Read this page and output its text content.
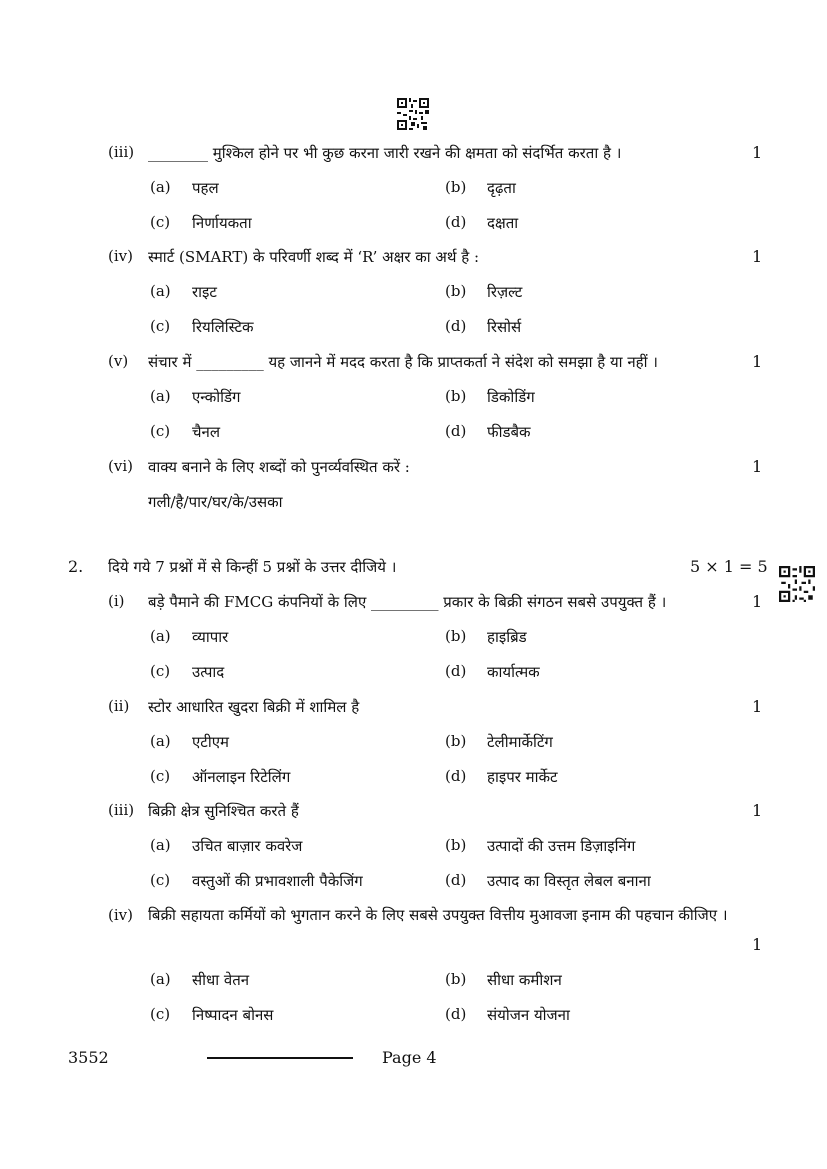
(iii) ________ मुश्किल होने पर भी कुछ करना जारी रखने की क्षमता को संदर्भित करता है ।	1
(a) पहल	(b) दृढ़ता
(c) निर्णायकता	(d) दक्षता
(iv) स्मार्ट (SMART) के परिवर्णी शब्द में ‘R’ अक्षर का अर्थ है :	1
(a) राइट	(b) रिज़ल्ट
(c) रियलिस्टिक	(d) रिसोर्स
(v) संचार में _________ यह जानने में मदद करता है कि प्राप्तकर्ता ने संदेश को समझा है या नहीं ।	1
(a) एन्कोडिंग	(b) डिकोडिंग
(c) चैनल	(d) फीडबैक
(vi) वाक्य बनाने के लिए शब्दों को पुनर्व्यवस्थित करें :	1
गली/है/पार/घर/के/उसका
2. दिये गये 7 प्रश्नों में से किन्हीं 5 प्रश्नों के उत्तर दीजिये ।	5 × 1 = 5
(i) बड़े पैमाने की FMCG कंपनियों के लिए _________ प्रकार के बिक्री संगठन सबसे उपयुक्त हैं ।	1
(a) व्यापार	(b) हाइब्रिड
(c) उत्पाद	(d) कार्यात्मक
(ii) स्टोर आधारित खुदरा बिक्री में शामिल है	1
(a) एटीएम	(b) टेलीमार्केटिंग
(c) ऑनलाइन रिटेलिंग	(d) हाइपर मार्केट
(iii) बिक्री क्षेत्र सुनिश्चित करते हैं	1
(a) उचित बाज़ार कवरेज	(b) उत्पादों की उत्तम डिज़ाइनिंग
(c) वस्तुओं की प्रभावशाली पैकेजिंग	(d) उत्पाद का विस्तृत लेबल बनाना
(iv) बिक्री सहायता कर्मियों को भुगतान करने के लिए सबसे उपयुक्त वित्तीय मुआवजा इनाम की पहचान कीजिए ।
1
(a) सीधा वेतन	(b) सीधा कमीशन
(c) निष्पादन बोनस	(d) संयोजन योजना
3552	Page 4
